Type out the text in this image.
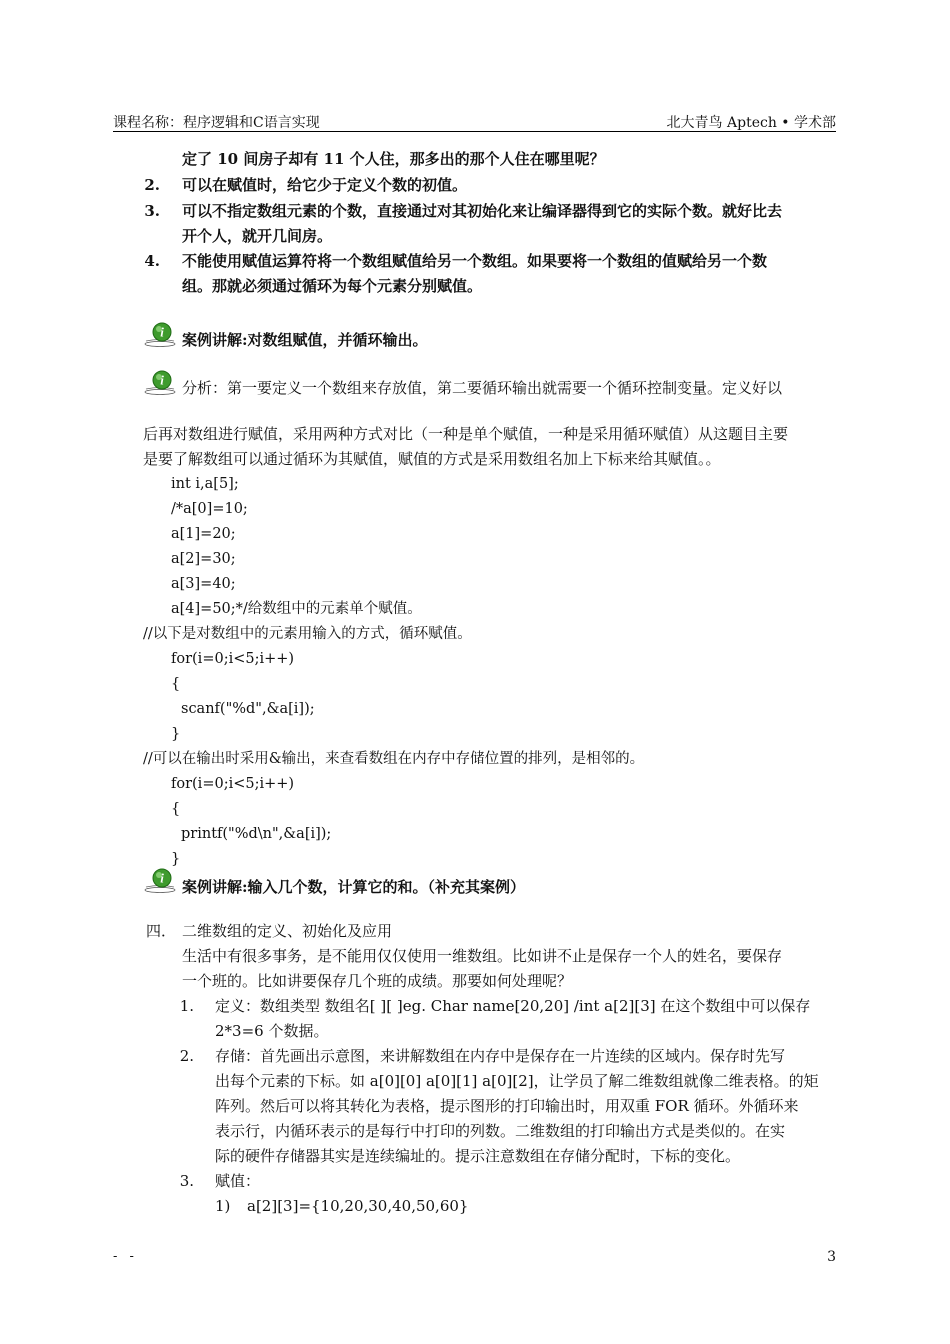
课程名称：程序逻辑和C语言实现	北大青鸟 Aptech • 学术部
定了 10 间房子却有 11 个人住，那多出的那个人住在哪里呢？
2. 可以在赋值时，给它少于定义个数的初值。
3. 可以不指定数组元素的个数，直接通过对其初始化来让编译器得到它的实际个数。就好比去
开个人，就开几间房。
4. 不能使用赋值运算符将一个数组赋值给另一个数组。如果要将一个数组的值赋给另一个数
组。那就必须通过循环为每个元素分别赋值。
i 案例讲解:对数组赋值，并循环输出。
i 分析：第一要定义一个数组来存放值，第二要循环输出就需要一个循环控制变量。定义好以
后再对数组进行赋值，采用两种方式对比（一种是单个赋值，一种是采用循环赋值）从这题目主要
是要了解数组可以通过循环为其赋值，赋值的方式是采用数组名加上下标来给其赋值。。
int i,a[5];
/*a[0]=10;
a[1]=20;
a[2]=30;
a[3]=40;
a[4]=50;*/给数组中的元素单个赋值。
//以下是对数组中的元素用输入的方式，循环赋值。
for(i=0;i<5;i++)
{
scanf("%d",&a[i]);
}
//可以在输出时采用&输出，来查看数组在内存中存储位置的排列，是相邻的。
for(i=0;i<5;i++)
{
printf("%d\n",&a[i]);
}
i 案例讲解:输入几个数，计算它的和。（补充其案例）
四． 二维数组的定义、初始化及应用
生活中有很多事务，是不能用仅仅使用一维数组。比如讲不止是保存一个人的姓名，要保存
一个班的。比如讲要保存几个班的成绩。那要如何处理呢？
1. 定义：数组类型 数组名[ ][ ]eg. Char name[20,20] /int a[2][3] 在这个数组中可以保存
2*3=6 个数据。
2. 存储：首先画出示意图，来讲解数组在内存中是保存在一片连续的区域内。保存时先写
出每个元素的下标。如 a[0][0] a[0][1] a[0][2]，让学员了解二维数组就像二维表格。的矩
阵列。然后可以将其转化为表格，提示图形的打印输出时，用双重 FOR 循环。外循环来
表示行，内循环表示的是每行中打印的列数。二维数组的打印输出方式是类似的。在实
际的硬件存储器其实是连续编址的。提示注意数组在存储分配时，下标的变化。
3. 赋值：
1) a[2][3]={10,20,30,40,50,60}
- -	3
